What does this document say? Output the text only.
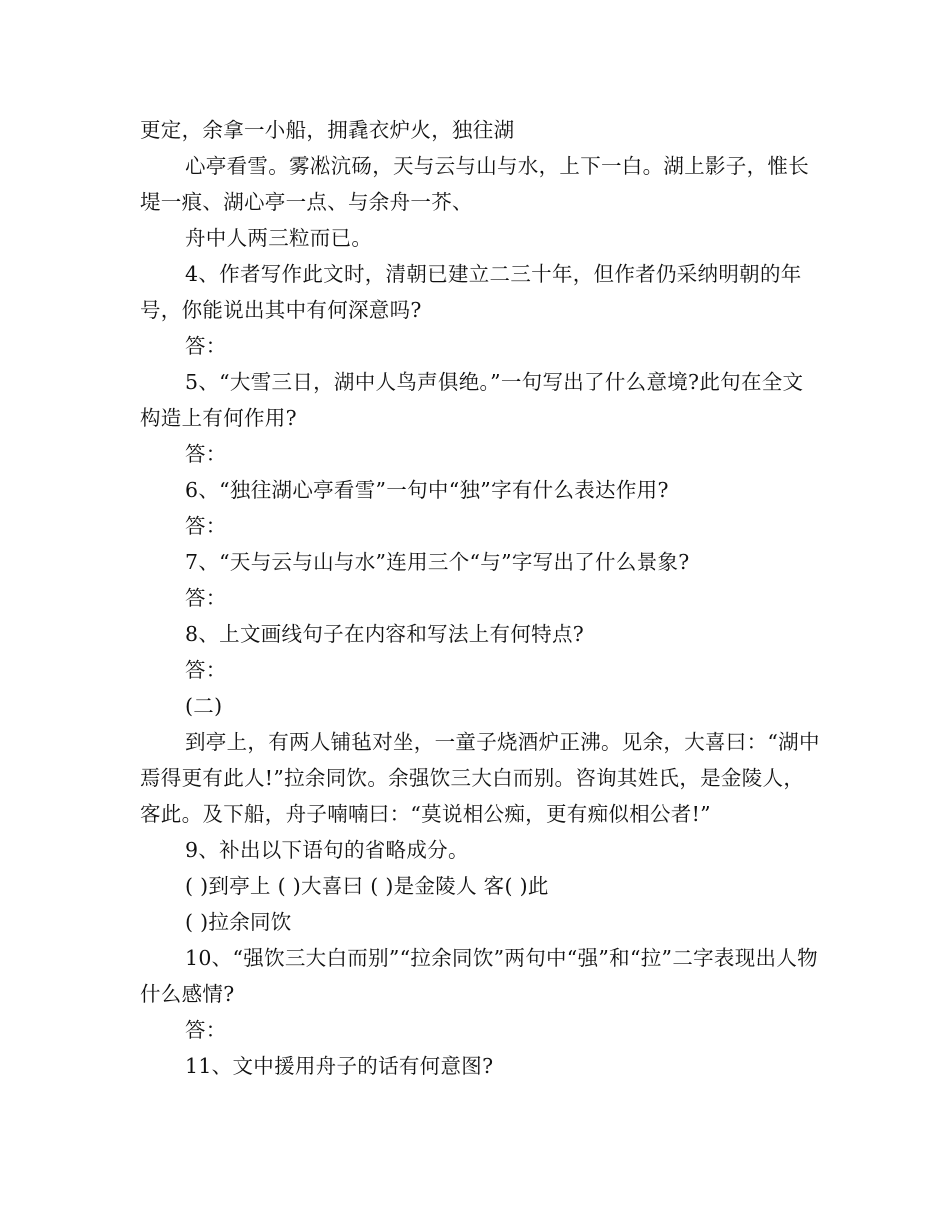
更定，余拿一小船，拥毳衣炉火，独往湖

心亭看雪。雾凇沆砀，天与云与山与水，上下一白。湖上影子，惟长堤一痕、湖心亭一点、与余舟一芥、

舟中人两三粒而已。

4、作者写作此文时，清朝已建立二三十年，但作者仍采纳明朝的年号，你能说出其中有何深意吗?

答：

5、“大雪三日，湖中人鸟声俱绝。”一句写出了什么意境?此句在全文构造上有何作用?

答：

6、“独往湖心亭看雪”一句中“独”字有什么表达作用?

答：

7、“天与云与山与水”连用三个“与”字写出了什么景象?

答：

8、上文画线句子在内容和写法上有何特点?

答：

(二)

到亭上，有两人铺毡对坐，一童子烧酒炉正沸。见余，大喜曰：“湖中焉得更有此人!”拉余同饮。余强饮三大白而别。咨询其姓氏，是金陵人，客此。及下船，舟子喃喃曰：“莫说相公痴，更有痴似相公者!”

9、补出以下语句的省略成分。

( )到亭上 ( )大喜曰 ( )是金陵人 客( )此

( )拉余同饮

10、“强饮三大白而别”“拉余同饮”两句中“强”和“拉”二字表现出人物什么感情?

答：

11、文中援用舟子的话有何意图?
